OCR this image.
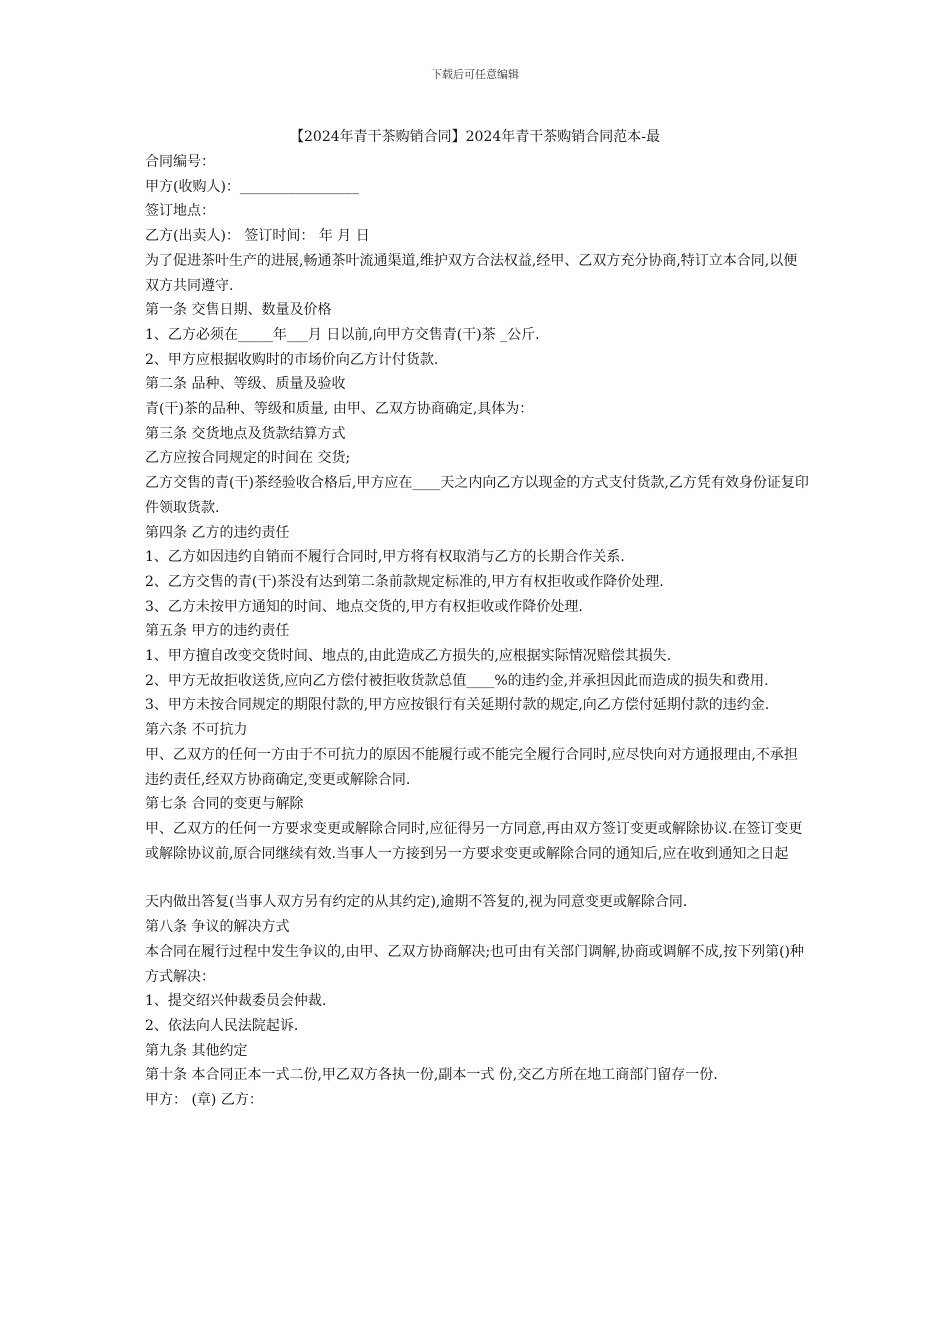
下载后可任意编辑
【2024年青干茶购销合同】2024年青干茶购销合同范本-最

合同编号：

甲方(收购人)：_________________

签订地点：

乙方(出卖人)： 签订时间： 年 月 日

为了促进茶叶生产的进展,畅通茶叶流通渠道,维护双方合法权益,经甲、乙双方充分协商,特订立本合同,以便双方共同遵守.

第一条 交售日期、数量及价格

1、乙方必须在_____年___月 日以前,向甲方交售青(干)茶 _公斤.

2、甲方应根据收购时的市场价向乙方计付货款.

第二条 品种、等级、质量及验收

青(干)茶的品种、等级和质量, 由甲、乙双方协商确定,具体为：

第三条 交货地点及货款结算方式

乙方应按合同规定的时间在 交货;

乙方交售的青(干)茶经验收合格后,甲方应在____天之内向乙方以现金的方式支付货款,乙方凭有效身份证复印件领取货款.

第四条 乙方的违约责任

1、乙方如因违约自销而不履行合同时,甲方将有权取消与乙方的长期合作关系.

2、乙方交售的青(干)茶没有达到第二条前款规定标准的,甲方有权拒收或作降价处理.

3、乙方未按甲方通知的时间、地点交货的,甲方有权拒收或作降价处理.

第五条 甲方的违约责任

1、甲方擅自改变交货时间、地点的,由此造成乙方损失的,应根据实际情况赔偿其损失.

2、甲方无故拒收送货,应向乙方偿付被拒收货款总值____%的违约金,并承担因此而造成的损失和费用.

3、甲方未按合同规定的期限付款的,甲方应按银行有关延期付款的规定,向乙方偿付延期付款的违约金.

第六条 不可抗力

甲、乙双方的任何一方由于不可抗力的原因不能履行或不能完全履行合同时,应尽快向对方通报理由,不承担违约责任,经双方协商确定,变更或解除合同.

第七条 合同的变更与解除

甲、乙双方的任何一方要求变更或解除合同时,应征得另一方同意,再由双方签订变更或解除协议.在签订变更或解除协议前,原合同继续有效.当事人一方接到另一方要求变更或解除合同的通知后,应在收到通知之日起

天内做出答复(当事人双方另有约定的从其约定),逾期不答复的,视为同意变更或解除合同.

第八条 争议的解决方式

本合同在履行过程中发生争议的,由甲、乙双方协商解决;也可由有关部门调解,协商或调解不成,按下列第()种方式解决：

1、提交绍兴仲裁委员会仲裁.

2、依法向人民法院起诉.

第九条 其他约定

第十条 本合同正本一式二份,甲乙双方各执一份,副本一式 份,交乙方所在地工商部门留存一份.

甲方： (章) 乙方：
